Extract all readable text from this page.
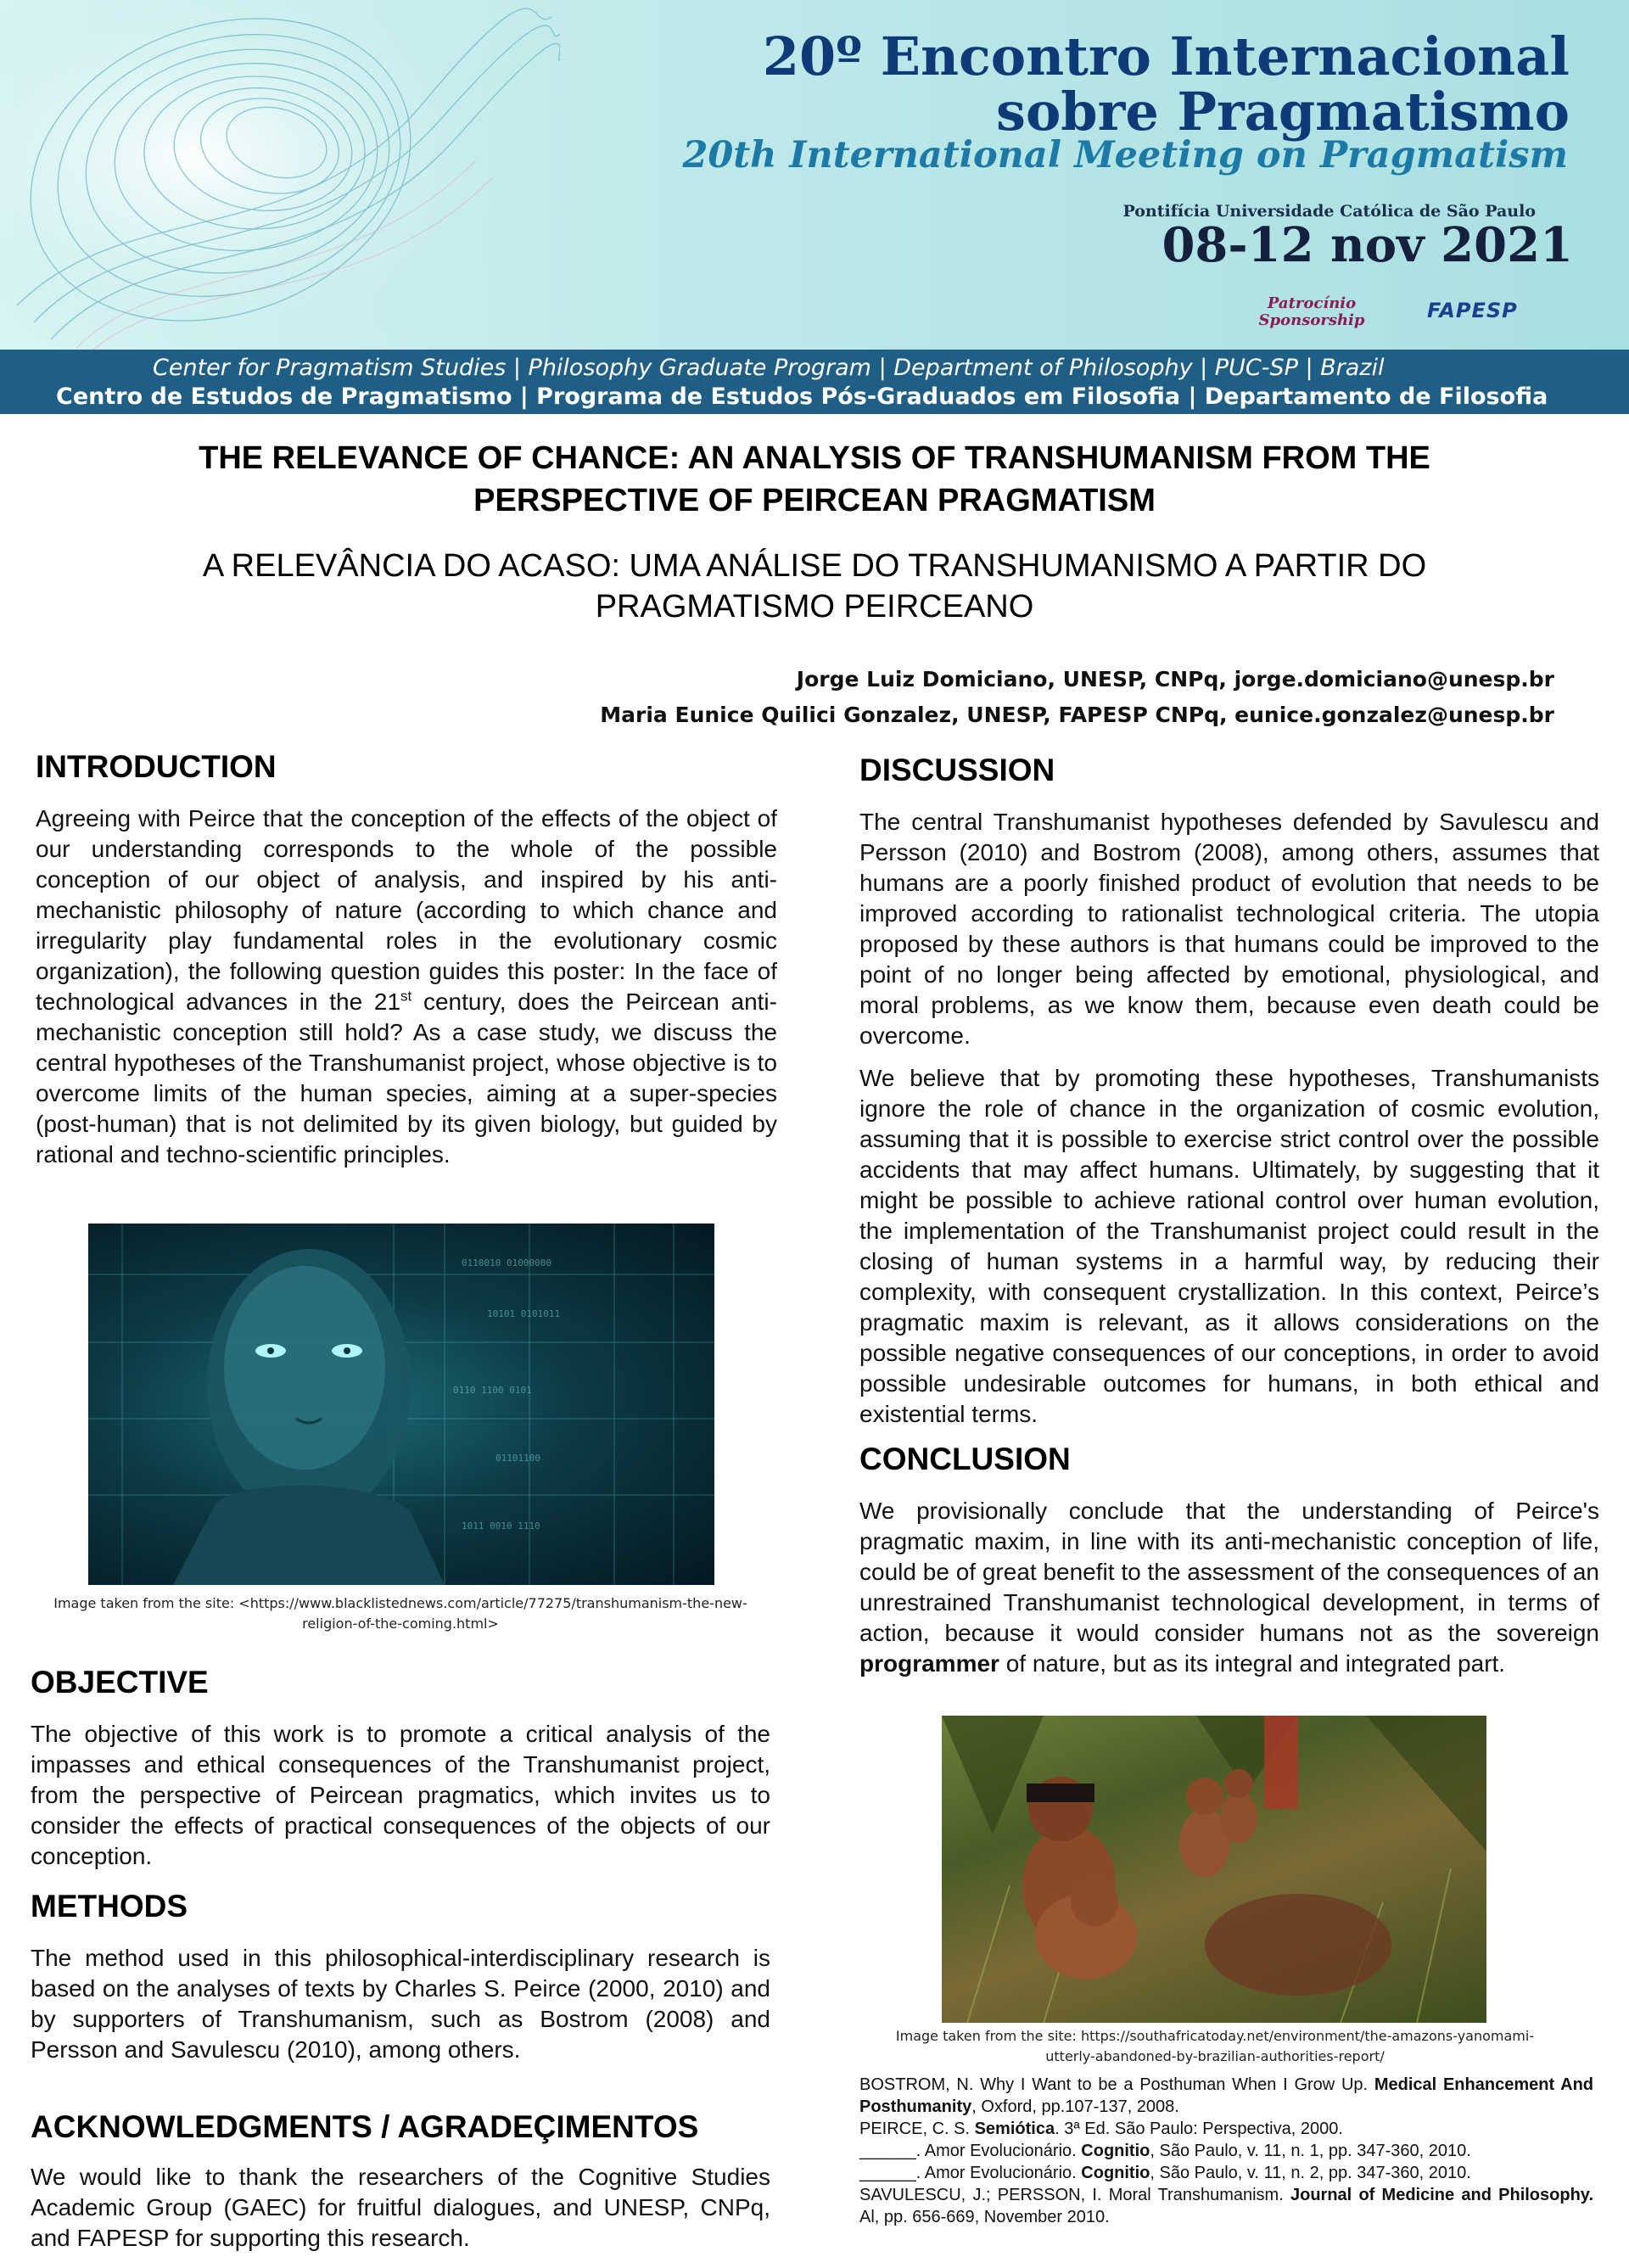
20º Encontro Internacional
sobre Pragmatismo

20th International Meeting on Pragmatism

Pontifícia Universidade Católica de São Paulo

08-12 nov 2021

Patrocínio
Sponsorship	FAPESP
Center for Pragmatism Studies | Philosophy Graduate Program | Department of Philosophy | PUC-SP | Brazil
Centro de Estudos de Pragmatismo | Programa de Estudos Pós-Graduados em Filosofia | Departamento de Filosofia
THE RELEVANCE OF CHANCE: AN ANALYSIS OF TRANSHUMANISM FROM THE PERSPECTIVE OF PEIRCEAN PRAGMATISM
A RELEVÂNCIA DO ACASO: UMA ANÁLISE DO TRANSHUMANISMO A PARTIR DO PRAGMATISMO PEIRCEANO
Jorge Luiz Domiciano, UNESP, CNPq, jorge.domiciano@unesp.br
Maria Eunice Quilici Gonzalez, UNESP, FAPESP CNPq, eunice.gonzalez@unesp.br
INTRODUCTION

Agreeing with Peirce that the conception of the effects of the object of our understanding corresponds to the whole of the possible conception of our object of analysis, and inspired by his anti-mechanistic philosophy of nature (according to which chance and irregularity play fundamental roles in the evolutionary cosmic organization), the following question guides this poster: In the face of technological advances in the 21st century, does the Peircean anti-mechanistic conception still hold? As a case study, we discuss the central hypotheses of the Transhumanist project, whose objective is to overcome limits of the human species, aiming at a super-species (post-human) that is not delimited by its given biology, but guided by rational and techno-scientific principles.

0110010 01000000
10101 0101011
0110 1100 0101
01101100
1011 0010 1110

Image taken from the site: <https://www.blacklistednews.com/article/77275/transhumanism-the-new-religion-of-the-coming.html>

OBJECTIVE

The objective of this work is to promote a critical analysis of the impasses and ethical consequences of the Transhumanist project, from the perspective of Peircean pragmatics, which invites us to consider the effects of practical consequences of the objects of our conception.

METHODS

The method used in this philosophical-interdisciplinary research is based on the analyses of texts by Charles S. Peirce (2000, 2010) and by supporters of Transhumanism, such as Bostrom (2008) and Persson and Savulescu (2010), among others.

ACKNOWLEDGMENTS / AGRADEÇIMENTOS

We would like to thank the researchers of the Cognitive Studies Academic Group (GAEC) for fruitful dialogues, and UNESP, CNPq, and FAPESP for supporting this research.

DISCUSSION

The central Transhumanist hypotheses defended by Savulescu and Persson (2010) and Bostrom (2008), among others, assumes that humans are a poorly finished product of evolution that needs to be improved according to rationalist technological criteria. The utopia proposed by these authors is that humans could be improved to the point of no longer being affected by emotional, physiological, and moral problems, as we know them, because even death could be overcome.

We believe that by promoting these hypotheses, Transhumanists ignore the role of chance in the organization of cosmic evolution, assuming that it is possible to exercise strict control over the possible accidents that may affect humans. Ultimately, by suggesting that it might be possible to achieve rational control over human evolution, the implementation of the Transhumanist project could result in the closing of human systems in a harmful way, by reducing their complexity, with consequent crystallization. In this context, Peirce’s pragmatic maxim is relevant, as it allows considerations on the possible negative consequences of our conceptions, in order to avoid possible undesirable outcomes for humans, in both ethical and existential terms.

CONCLUSION

We provisionally conclude that the understanding of Peirce's pragmatic maxim, in line with its anti-mechanistic conception of life, could be of great benefit to the assessment of the consequences of an unrestrained Transhumanist technological development, in terms of action, because it would consider humans not as the sovereign programmer of nature, but as its integral and integrated part.

Image taken from the site: https://southafricatoday.net/environment/the-amazons-yanomami-utterly-abandoned-by-brazilian-authorities-report/

BOSTROM, N. Why I Want to be a Posthuman When I Grow Up. Medical Enhancement And Posthumanity, Oxford, pp.107-137, 2008.

PEIRCE, C. S. Semiótica. 3ª Ed. São Paulo: Perspectiva, 2000.

______. Amor Evolucionário. Cognitio, São Paulo, v. 11, n. 1, pp. 347-360, 2010.

______. Amor Evolucionário. Cognitio, São Paulo, v. 11, n. 2, pp. 347-360, 2010.

SAVULESCU, J.; PERSSON, I. Moral Transhumanism. Journal of Medicine and Philosophy. Al, pp. 656-669, November 2010.
